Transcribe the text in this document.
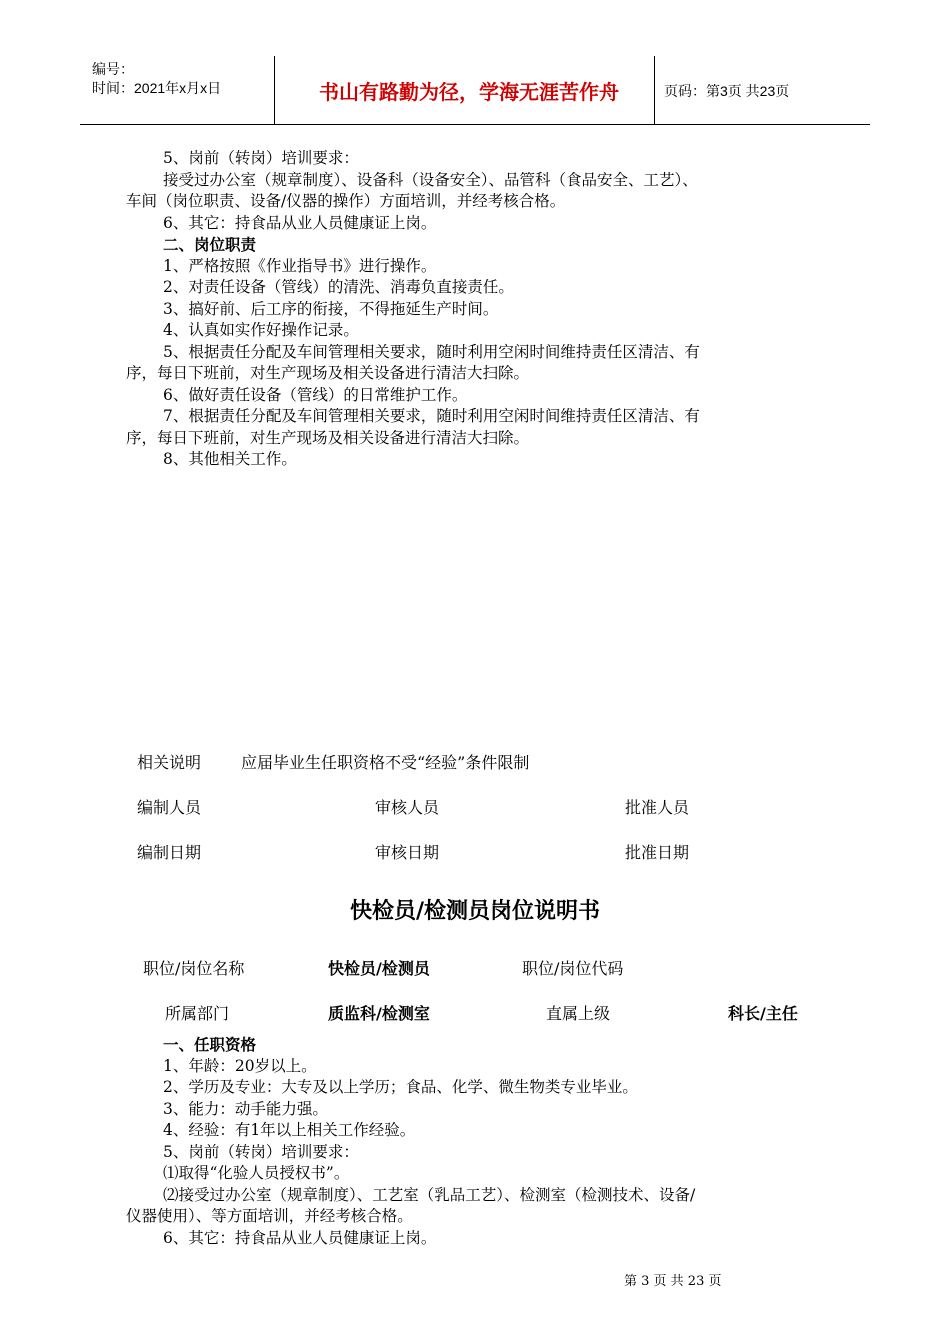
编号：
时间：2021年x月x日	书山有路勤为径，学海无涯苦作舟	页码：第3页 共23页

5、岗前（转岗）培训要求：

接受过办公室（规章制度）、设备科（设备安全）、品管科（食品安全、工艺）、

车间（岗位职责、设备/仪器的操作）方面培训，并经考核合格。

6、其它：持食品从业人员健康证上岗。

二、岗位职责

1、严格按照《作业指导书》进行操作。

2、对责任设备（管线）的清洗、消毒负直接责任。

3、搞好前、后工序的衔接，不得拖延生产时间。

4、认真如实作好操作记录。

5、根据责任分配及车间管理相关要求，随时利用空闲时间维持责任区清洁、有

序，每日下班前，对生产现场及相关设备进行清洁大扫除。

6、做好责任设备（管线）的日常维护工作。

7、根据责任分配及车间管理相关要求，随时利用空闲时间维持责任区清洁、有

序，每日下班前，对生产现场及相关设备进行清洁大扫除。

8、其他相关工作。

相关说明 应届毕业生任职资格不受“经验”条件限制
编制人员	审核人员	批准人员
编制日期	审核日期	批准日期
快检员/检测员岗位说明书
职位/岗位名称	快检员/检测员	职位/岗位代码
所属部门	质监科/检测室	直属上级	科长/主任

一、任职资格

1、年龄：20岁以上。

2、学历及专业：大专及以上学历；食品、化学、微生物类专业毕业。

3、能力：动手能力强。

4、经验：有1年以上相关工作经验。

5、岗前（转岗）培训要求：

⑴取得“化验人员授权书”。

⑵接受过办公室（规章制度）、工艺室（乳品工艺）、检测室（检测技术、设备/

仪器使用）、等方面培训，并经考核合格。

6、其它：持食品从业人员健康证上岗。

第 3 页 共 23 页
